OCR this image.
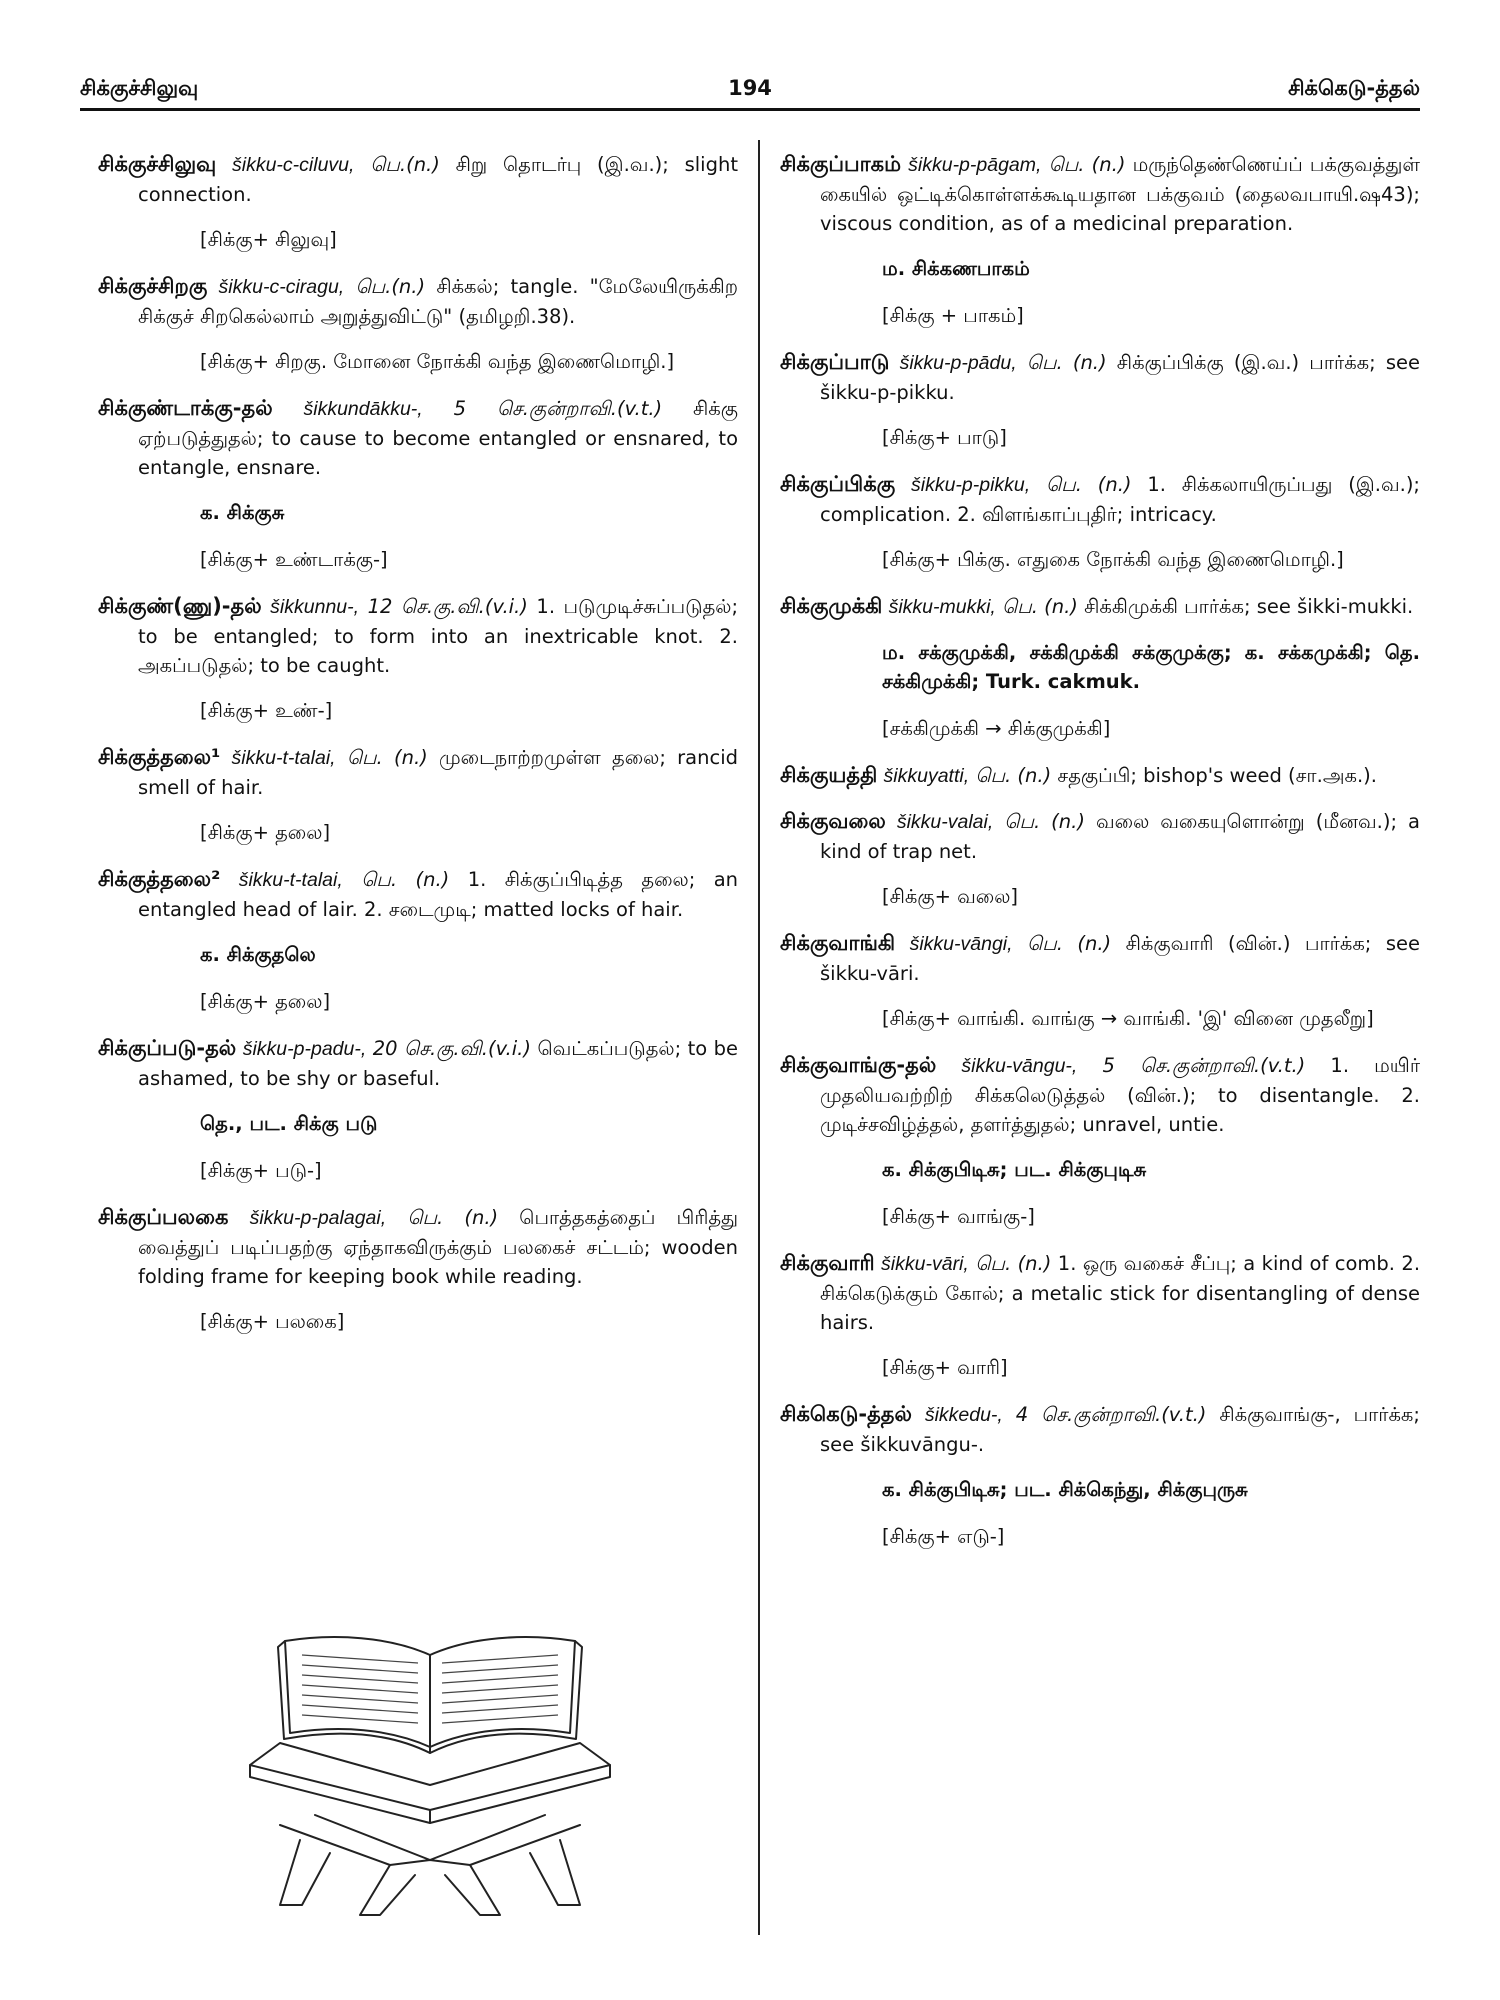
சிக்குச்சிலுவு	194	சிக்கெடு-த்தல்
சிக்குச்சிலுவு šikku-c-ciluvu, பெ.(n.) சிறு தொடர்பு (இ.வ.); slight connection.
[சிக்கு+ சிலுவு]
சிக்குச்சிறகு šikku-c-ciragu, பெ.(n.) சிக்கல்; tangle. "மேலேயிருக்கிற சிக்குச் சிறகெல்லாம் அறுத்துவிட்டு" (தமிழறி.38).
[சிக்கு+ சிறகு. மோனை நோக்கி வந்த இணைமொழி.]
சிக்குண்டாக்கு-தல் šikkundākku-, 5 செ.குன்றாவி.(v.t.) சிக்கு ஏற்படுத்துதல்; to cause to become entangled or ensnared, to entangle, ensnare.
க. சிக்குசு
[சிக்கு+ உண்டாக்கு-]
சிக்குண்(ணு)-தல் šikkunnu-, 12 செ.கு.வி.(v.i.) 1. படுமுடிச்சுப்படுதல்; to be entangled; to form into an inextricable knot. 2. அகப்படுதல்; to be caught.
[சிக்கு+ உண்-]
சிக்குத்தலை¹ šikku-t-talai, பெ. (n.) முடைநாற்றமுள்ள தலை; rancid smell of hair.
[சிக்கு+ தலை]
சிக்குத்தலை² šikku-t-talai, பெ. (n.) 1. சிக்குப்பிடித்த தலை; an entangled head of lair. 2. சடைமுடி; matted locks of hair.
க. சிக்குதலெ
[சிக்கு+ தலை]
சிக்குப்படு-தல் šikku-p-padu-, 20 செ.கு.வி.(v.i.) வெட்கப்படுதல்; to be ashamed, to be shy or baseful.
தெ., பட. சிக்கு படு
[சிக்கு+ படு-]
சிக்குப்பலகை šikku-p-palagai, பெ. (n.) பொத்தகத்தைப் பிரித்து வைத்துப் படிப்பதற்கு ஏந்தாகவிருக்கும் பலகைச் சட்டம்; wooden folding frame for keeping book while reading.
[சிக்கு+ பலகை]
சிக்குப்பாகம் šikku-p-pāgam, பெ. (n.) மருந்தெண்ணெய்ப் பக்குவத்துள் கையில் ஒட்டிக்கொள்ளக்கூடியதான பக்குவம் (தைலவபாயி.ஷ43); viscous condition, as of a medicinal preparation.
ம. சிக்கணபாகம்
[சிக்கு + பாகம்]
சிக்குப்பாடு šikku-p-pādu, பெ. (n.) சிக்குப்பிக்கு (இ.வ.) பார்க்க; see šikku-p-pikku.
[சிக்கு+ பாடு]
சிக்குப்பிக்கு šikku-p-pikku, பெ. (n.) 1. சிக்கலாயிருப்பது (இ.வ.); complication. 2. விளங்காப்புதிர்; intricacy.
[சிக்கு+ பிக்கு. எதுகை நோக்கி வந்த இணைமொழி.]
சிக்குமுக்கி šikku-mukki, பெ. (n.) சிக்கிமுக்கி பார்க்க; see šikki-mukki.
ம. சக்குமுக்கி, சக்கிமுக்கி சக்குமுக்கு; க. சக்கமுக்கி; தெ. சக்கிமுக்கி; Turk. cakmuk.
[சக்கிமுக்கி → சிக்குமுக்கி]
சிக்குயத்தி šikkuyatti, பெ. (n.) சதகுப்பி; bishop's weed (சா.அக.).
சிக்குவலை šikku-valai, பெ. (n.) வலை வகையுளொன்று (மீனவ.); a kind of trap net.
[சிக்கு+ வலை]
சிக்குவாங்கி šikku-vāngi, பெ. (n.) சிக்குவாரி (வின்.) பார்க்க; see šikku-vāri.
[சிக்கு+ வாங்கி. வாங்கு → வாங்கி. 'இ' வினை முதலீறு]
சிக்குவாங்கு-தல் šikku-vāngu-, 5 செ.குன்றாவி.(v.t.) 1. மயிர் முதலியவற்றிற் சிக்கலெடுத்தல் (வின்.); to disentangle. 2. முடிச்சவிழ்த்தல், தளர்த்துதல்; unravel, untie.
க. சிக்குபிடிசு; பட. சிக்குபுடிசு
[சிக்கு+ வாங்கு-]
சிக்குவாரி šikku-vāri, பெ. (n.) 1. ஒரு வகைச் சீப்பு; a kind of comb. 2. சிக்கெடுக்கும் கோல்; a metalic stick for disentangling of dense hairs.
[சிக்கு+ வாரி]
சிக்கெடு-த்தல் šikkedu-, 4 செ.குன்றாவி.(v.t.) சிக்குவாங்கு-, பார்க்க; see šikkuvāngu-.
க. சிக்குபிடிசு; பட. சிக்கெந்து, சிக்குபுருசு
[சிக்கு+ எடு-]
